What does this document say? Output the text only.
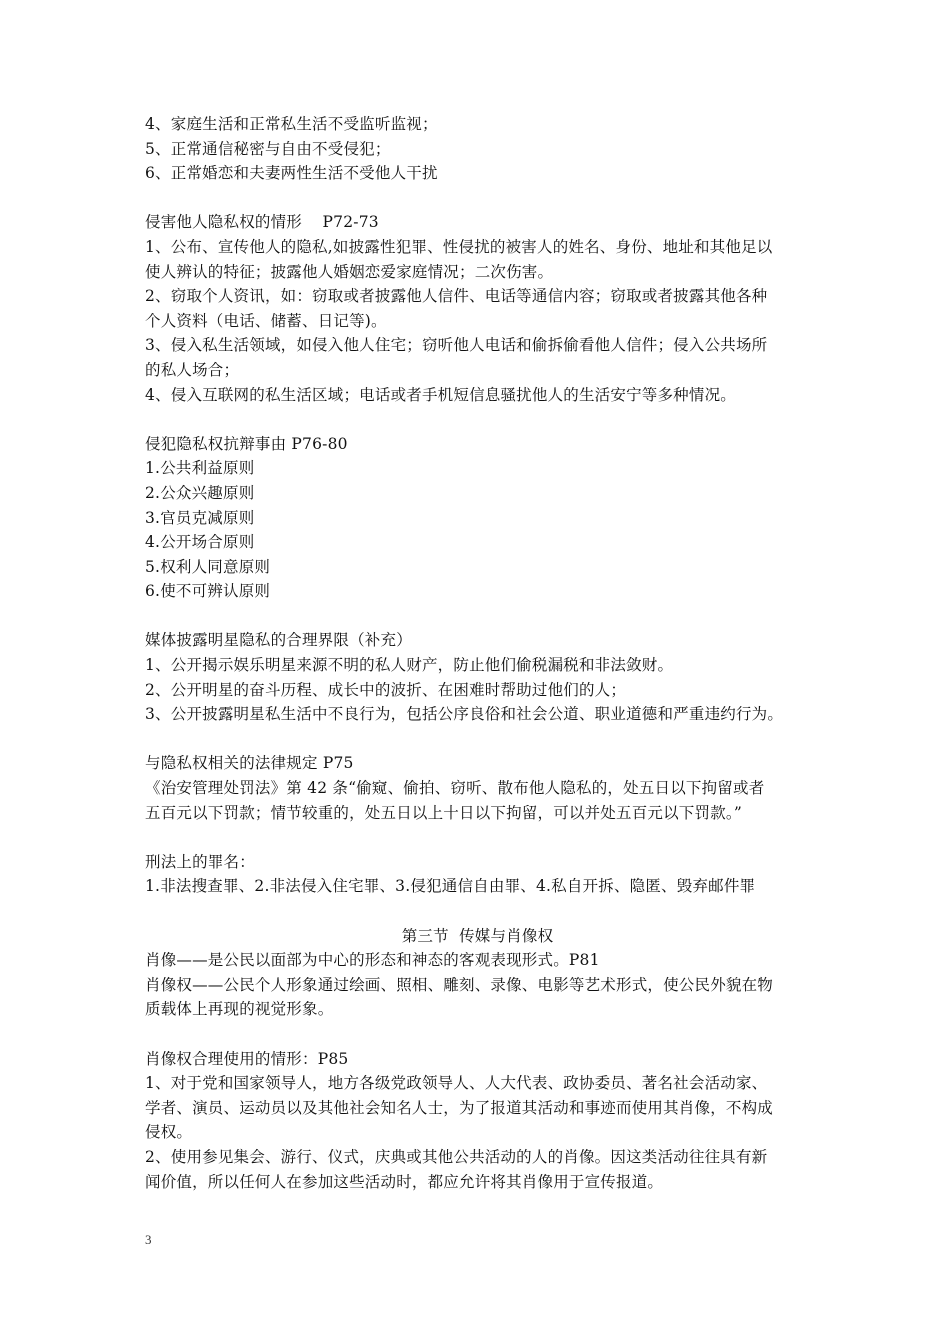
4、家庭生活和正常私生活不受监听监视；
5、正常通信秘密与自由不受侵犯；
6、正常婚恋和夫妻两性生活不受他人干扰
侵害他人隐私权的情形    P72-73
1、公布、宣传他人的隐私,如披露性犯罪、性侵扰的被害人的姓名、身份、地址和其他足以
使人辨认的特征；披露他人婚姻恋爱家庭情况；二次伤害。
2、窃取个人资讯，如：窃取或者披露他人信件、电话等通信内容；窃取或者披露其他各种
个人资料（电话、储蓄、日记等)。
3、侵入私生活领域，如侵入他人住宅；窃听他人电话和偷拆偷看他人信件；侵入公共场所
的私人场合；
4、侵入互联网的私生活区域；电话或者手机短信息骚扰他人的生活安宁等多种情况。
侵犯隐私权抗辩事由 P76-80
1.公共利益原则
2.公众兴趣原则
3.官员克减原则
4.公开场合原则
5.权利人同意原则
6.使不可辨认原则
媒体披露明星隐私的合理界限（补充）
1、公开揭示娱乐明星来源不明的私人财产，防止他们偷税漏税和非法敛财。
2、公开明星的奋斗历程、成长中的波折、在困难时帮助过他们的人；
3、公开披露明星私生活中不良行为，包括公序良俗和社会公道、职业道德和严重违约行为。
与隐私权相关的法律规定 P75
《治安管理处罚法》第 42 条“偷窥、偷拍、窃听、散布他人隐私的，处五日以下拘留或者
五百元以下罚款；情节较重的，处五日以上十日以下拘留，可以并处五百元以下罚款。”
刑法上的罪名：
1.非法搜查罪、2.非法侵入住宅罪、3.侵犯通信自由罪、4.私自开拆、隐匿、毁弃邮件罪
第三节  传媒与肖像权
肖像——是公民以面部为中心的形态和神态的客观表现形式。P81
肖像权——公民个人形象通过绘画、照相、雕刻、录像、电影等艺术形式，使公民外貌在物
质载体上再现的视觉形象。
肖像权合理使用的情形：P85
1、对于党和国家领导人，地方各级党政领导人、人大代表、政协委员、著名社会活动家、
学者、演员、运动员以及其他社会知名人士，为了报道其活动和事迹而使用其肖像，不构成
侵权。
2、使用参见集会、游行、仪式，庆典或其他公共活动的人的肖像。因这类活动往往具有新
闻价值，所以任何人在参加这些活动时，都应允许将其肖像用于宣传报道。
3
